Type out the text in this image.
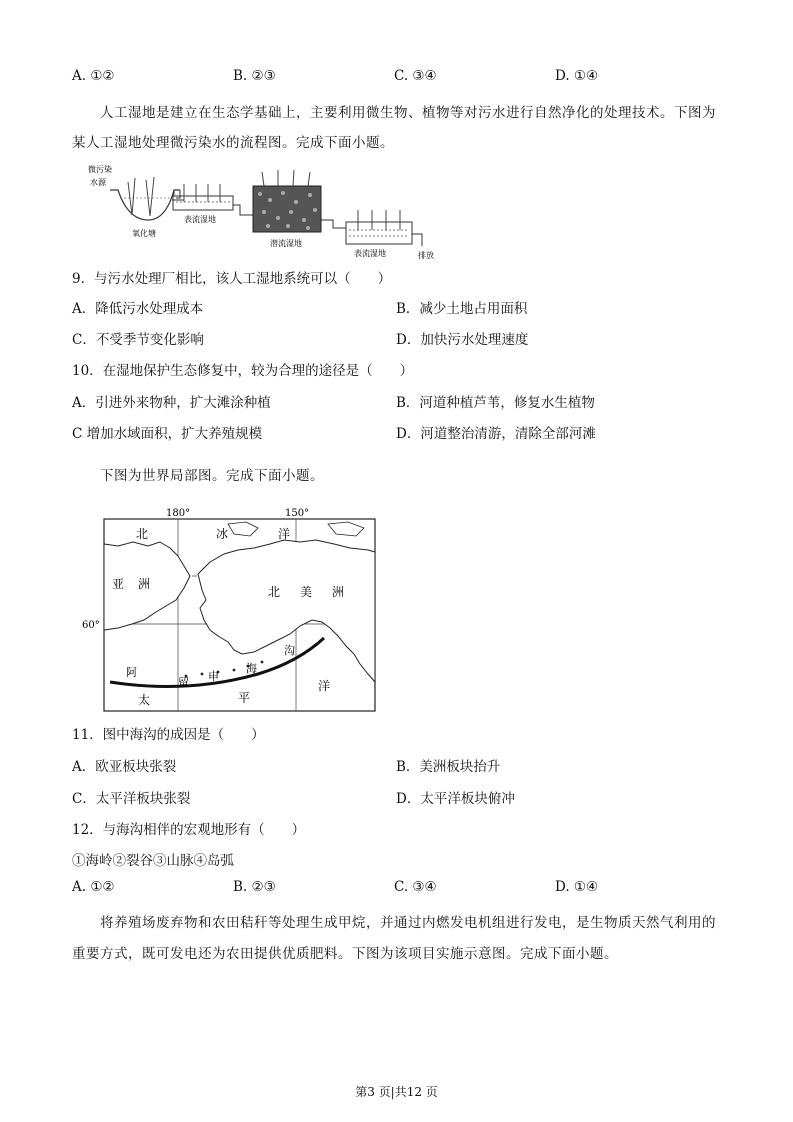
A. ①②	B. ②③	C. ③④	D. ①④
人工湿地是建立在生态学基础上，主要利用微生物、植物等对污水进行自然净化的处理技术。下图为
某人工湿地处理微污染水的流程图。完成下面小题。
微污染
水源
氧化塘
表流湿地
潜流湿地
表流湿地	排放
9．与污水处理厂相比，该人工湿地系统可以（　　）
A．降低污水处理成本	B．减少土地占用面积
C．不受季节变化影响	D．加快污水处理速度
10．在湿地保护生态修复中，较为合理的途径是（　　）
A．引进外来物种，扩大滩涂种植	B．河道种植芦苇，修复水生植物
C 增加水域面积，扩大养殖规模	D．河道整治清游，清除全部河滩
下图为世界局部图。完成下面小题。
180°	150°
60°
北	冰	洋
亚 洲
北 美 洲
阿
留 申
海
沟
太	平
洋
11．图中海沟的成因是（　　）
A．欧亚板块张裂	B．美洲板块抬升
C．太平洋板块张裂	D．太平洋板块俯冲
12．与海沟相伴的宏观地形有（　　）
①海岭②裂谷③山脉④岛弧
A. ①②	B. ②③	C. ③④	D. ①④
将养殖场废弃物和农田秸秆等处理生成甲烷，并通过内燃发电机组进行发电，是生物质天然气利用的
重要方式，既可发电还为农田提供优质肥料。下图为该项目实施示意图。完成下面小题。
第3 页|共12 页
